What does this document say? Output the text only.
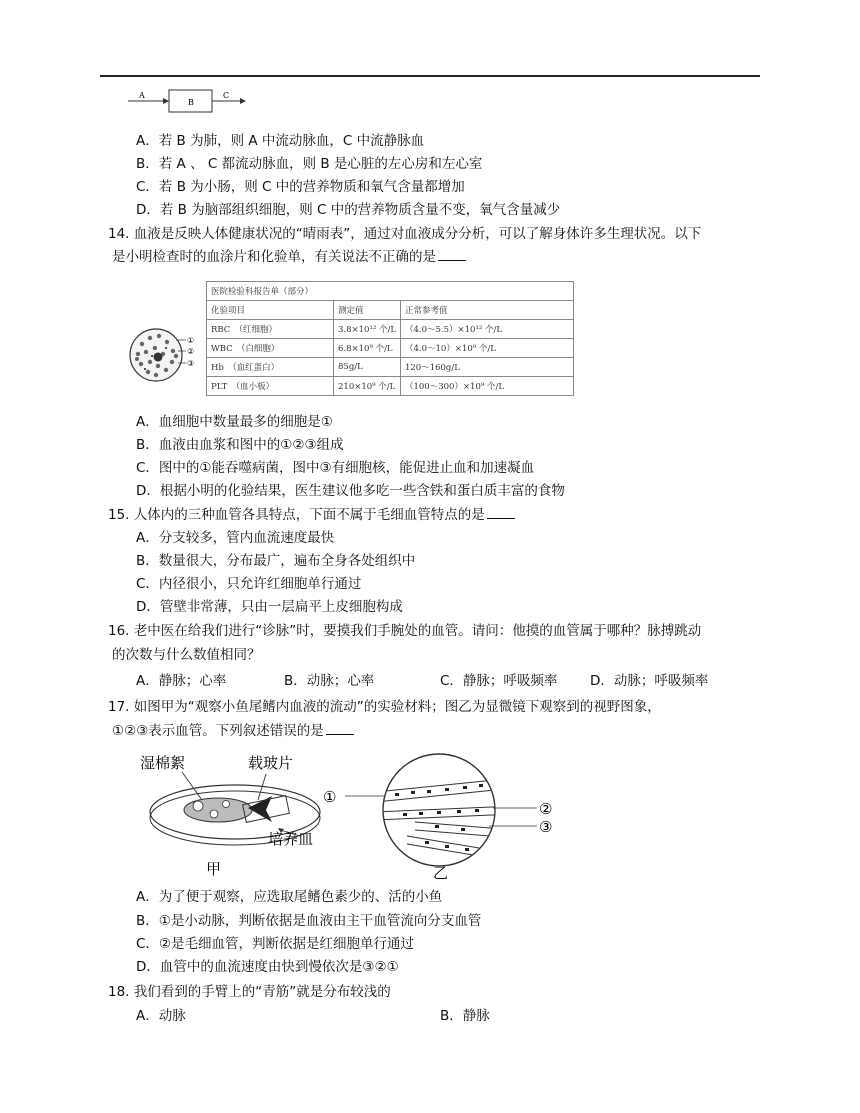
A
B
C
A．若 B 为肺，则 A 中流动脉血，C 中流静脉血
B．若 A 、 C 都流动脉血，则 B 是心脏的左心房和左心室
C．若 B 为小肠，则 C 中的营养物质和氧气含量都增加
D．若 B 为脑部组织细胞，则 C 中的营养物质含量不变，氧气含量减少
14. 血液是反映人体健康状况的“晴雨表”，通过对血液成分分析，可以了解身体许多生理状况。以下
是小明检查时的血涂片和化验单，有关说法不正确的是
①
②
③
医院检验科报告单（部分）		
化验项目	测定值	正常参考值
RBC　（红细胞）	3.8×10¹² 个/L	（4.0～5.5）×10¹² 个/L
WBC　（白细胞）	6.8×10⁹ 个/L	（4.0～10）×10⁹ 个/L
Hb　（血红蛋白）	85g/L	120～160g/L
PLT　（血小板）	210×10⁹ 个/L	（100～300）×10⁹ 个/L
A．血细胞中数量最多的细胞是①
B．血液由血浆和图中的①②③组成
C．图中的①能吞噬病菌，图中③有细胞核，能促进止血和加速凝血
D．根据小明的化验结果，医生建议他多吃一些含铁和蛋白质丰富的食物
15. 人体内的三种血管各具特点，下面不属于毛细血管特点的是
A．分支较多，管内血流速度最快
B．数量很大，分布最广，遍布全身各处组织中
C．内径很小，只允许红细胞单行通过
D．管壁非常薄，只由一层扁平上皮细胞构成
16. 老中医在给我们进行“诊脉”时，要摸我们手腕处的血管。请问：他摸的血管属于哪种？脉搏跳动
的次数与什么数值相同？
A．静脉；心率	B．动脉；心率	C．静脉；呼吸频率 D．动脉；呼吸频率
17. 如图甲为“观察小鱼尾鳍内血液的流动”的实验材料；图乙为显微镜下观察到的视野图象，
①②③表示血管。下列叙述错误的是
湿棉絮	载玻片
培养皿
甲
①
②
③
乙
A．为了便于观察，应选取尾鳍色素少的、活的小鱼
B．①是小动脉，判断依据是血液由主干血管流向分支血管
C．②是毛细血管，判断依据是红细胞单行通过
D．血管中的血流速度由快到慢依次是③②①
18. 我们看到的手臂上的“青筋”就是分布较浅的
A．动脉	B．静脉
